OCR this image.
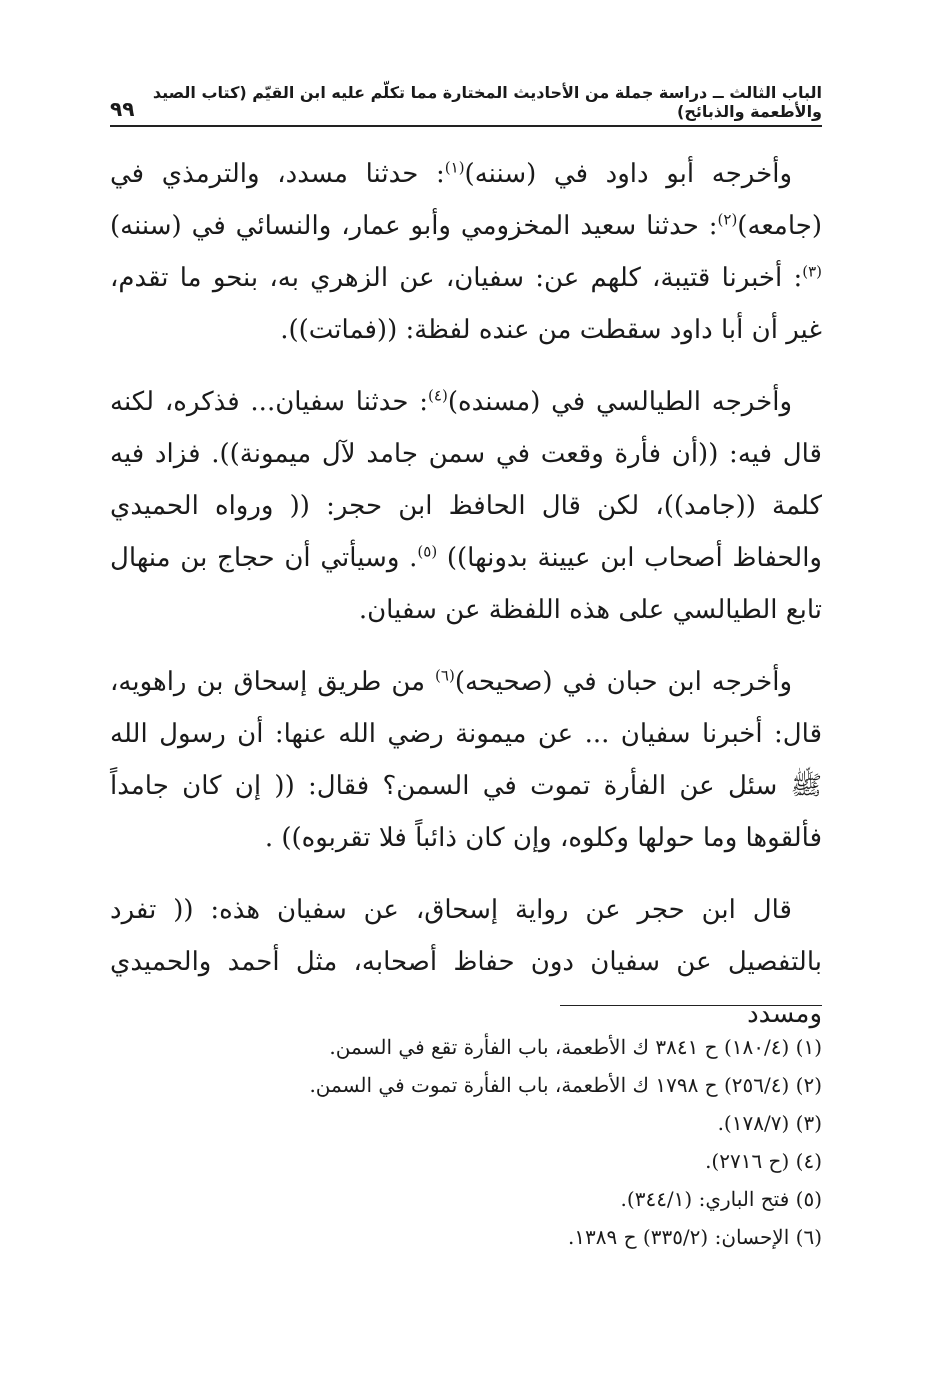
الباب الثالث ــ دراسة جملة من الأحاديث المختارة مما تكلّم عليه ابن القيّم (كتاب الصيد والأطعمة والذبائح)
٩٩

وأخرجه أبو داود في (سننه)$^{(١)}$: حدثنا مسدد، والترمذي في (جامعه)$^{(٢)}$: حدثنا سعيد المخزومي وأبو عمار، والنسائي في (سننه)$^{(٣)}$: أخبرنا قتيبة، كلهم عن: سفيان، عن الزهري به، بنحو ما تقدم، غير أن أبا داود سقطت من عنده لفظة: ((فماتت)).

وأخرجه الطيالسي في (مسنده)$^{(٤)}$: حدثنا سفيان... فذكره، لكنه قال فيه: ((أن فأرة وقعت في سمن جامد لآل ميمونة)). فزاد فيه كلمة ((جامد))، لكن قال الحافظ ابن حجر: (( ورواه الحميدي والحفاظ أصحاب ابن عيينة بدونها)) $^{(٥)}$. وسيأتي أن حجاج بن منهال تابع الطيالسي على هذه اللفظة عن سفيان.

وأخرجه ابن حبان في (صحيحه)$^{(٦)}$ من طريق إسحاق بن راهويه، قال: أخبرنا سفيان ... عن ميمونة رضي الله عنها: أن رسول الله ﷺ سئل عن الفأرة تموت في السمن؟ فقال: (( إن كان جامداً فألقوها وما حولها وكلوه، وإن كان ذائباً فلا تقربوه)) .

قال ابن حجر عن رواية إسحاق، عن سفيان هذه: (( تفرد بالتفصيل عن سفيان دون حفاظ أصحابه، مثل أحمد والحميدي ومسدد

(١) (١٨٠/٤) ح ٣٨٤١ ك الأطعمة، باب الفأرة تقع في السمن.

(٢) (٢٥٦/٤) ح ١٧٩٨ ك الأطعمة، باب الفأرة تموت في السمن.

(٣) (١٧٨/٧).

(٤) (ح ٢٧١٦).

(٥) فتح الباري: (٣٤٤/١).

(٦) الإحسان: (٣٣٥/٢) ح ١٣٨٩.
